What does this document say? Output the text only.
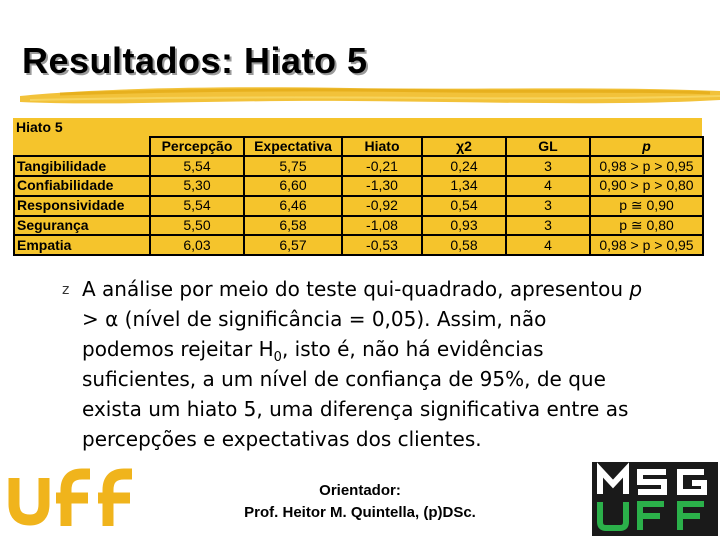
Resultados: Hiato 5
Hiato 5						
	Percepção	Expectativa	Hiato	χ2	GL	p
Tangibilidade	5,54	5,75	-0,21	0,24	3	0,98 > p > 0,95
Confiabilidade	5,30	6,60	-1,30	1,34	4	0,90 > p > 0,80
Responsividade	5,54	6,46	-0,92	0,54	3	p ≅ 0,90
Segurança	5,50	6,58	-1,08	0,93	3	p ≅ 0,80
Empatia	6,03	6,57	-0,53	0,58	4	0,98 > p > 0,95
z A análise por meio do teste qui-quadrado, apresentou p
> α (nível de significância = 0,05). Assim, não
podemos rejeitar $H_0$, isto é, não há evidências
suficientes, a um nível de confiança de 95%, de que
exista um hiato 5, uma diferença significativa entre as
percepções e expectativas dos clientes.
Orientador:
Prof. Heitor M. Quintella, (p)DSc.
